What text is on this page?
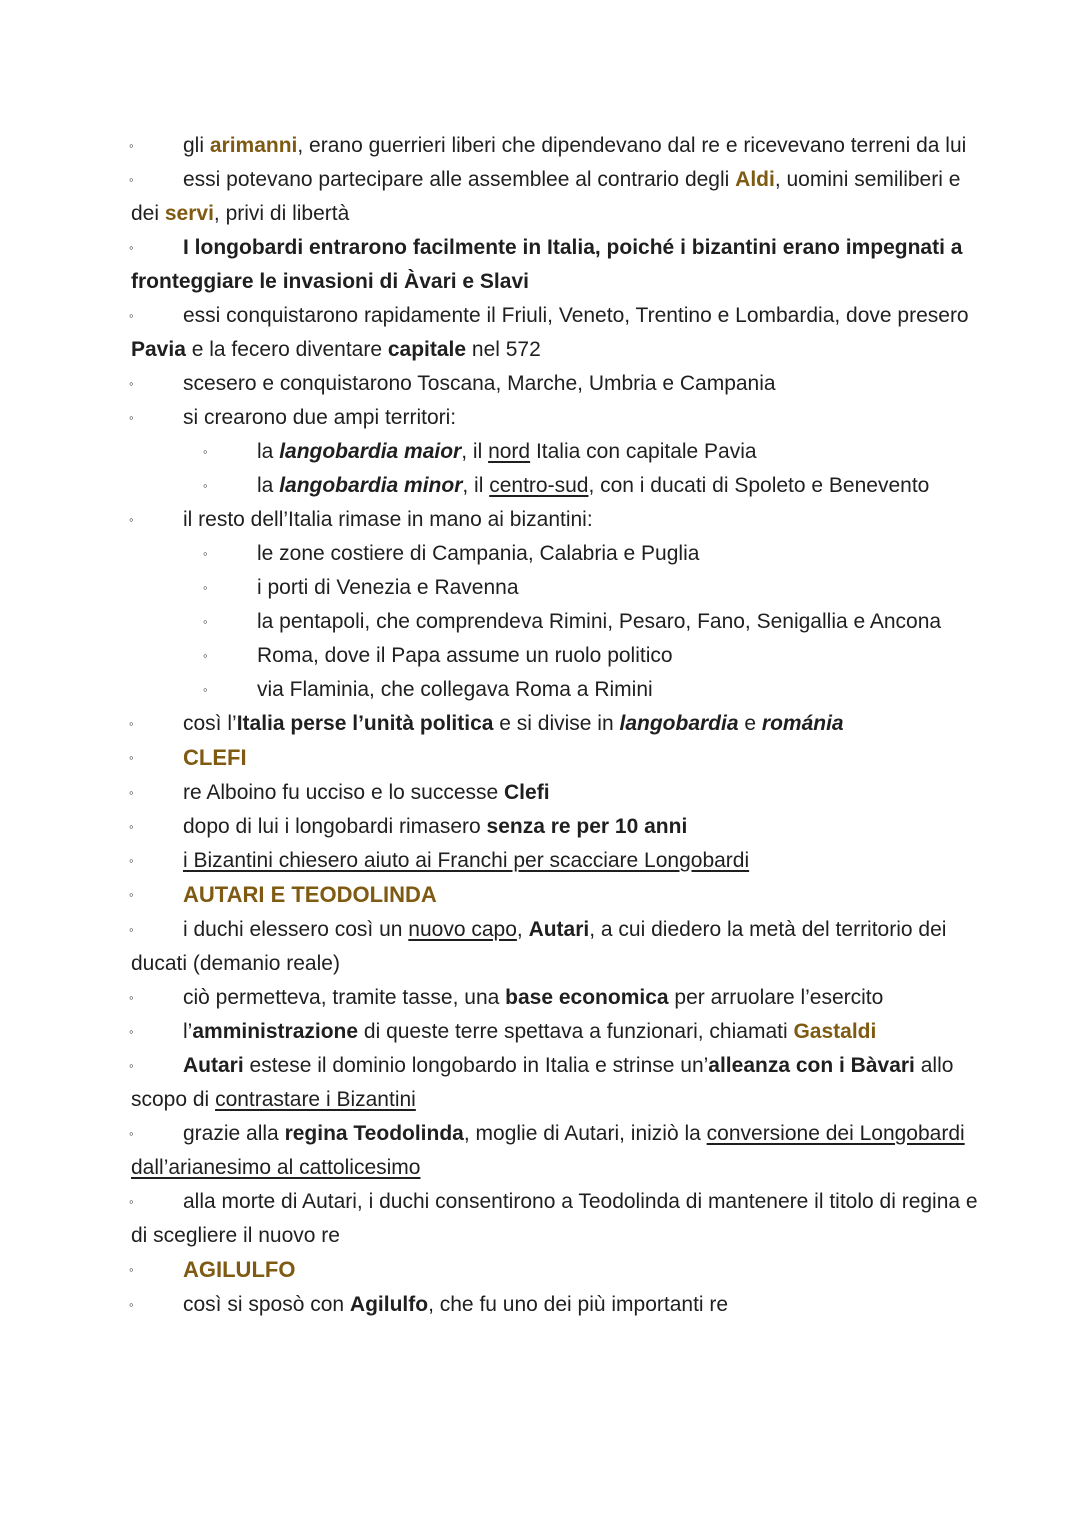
◦ gli arimanni, erano guerrieri liberi che dipendevano dal re e ricevevano terreni da lui

◦ essi potevano partecipare alle assemblee al contrario degli Aldi, uomini semiliberi e dei servi, privi di libertà

◦ I longobardi entrarono facilmente in Italia, poiché i bizantini erano impegnati a fronteggiare le invasioni di Àvari e Slavi

◦ essi conquistarono rapidamente il Friuli, Veneto, Trentino e Lombardia, dove presero Pavia e la fecero diventare capitale nel 572

◦ scesero e conquistarono Toscana, Marche, Umbria e Campania

◦ si crearono due ampi territori:

◦ la langobardia maior, il nord Italia con capitale Pavia

◦ la langobardia minor, il centro-sud, con i ducati di Spoleto e Benevento

◦ il resto dell’Italia rimase in mano ai bizantini:

◦ le zone costiere di Campania, Calabria e Puglia

◦ i porti di Venezia e Ravenna

◦ la pentapoli, che comprendeva Rimini, Pesaro, Fano, Senigallia e Ancona

◦ Roma, dove il Papa assume un ruolo politico

◦ via Flaminia, che collegava Roma a Rimini

◦ così l’Italia perse l’unità politica e si divise in langobardia e románia

◦ CLEFI

◦ re Alboino fu ucciso e lo successe Clefi

◦ dopo di lui i longobardi rimasero senza re per 10 anni

◦ i Bizantini chiesero aiuto ai Franchi per scacciare Longobardi

◦ AUTARI E TEODOLINDA

◦ i duchi elessero così un nuovo capo, Autari, a cui diedero la metà del territorio dei ducati (demanio reale)

◦ ciò permetteva, tramite tasse, una base economica per arruolare l’esercito

◦ l’amministrazione di queste terre spettava a funzionari, chiamati Gastaldi

◦ Autari estese il dominio longobardo in Italia e strinse un’alleanza con i Bàvari allo scopo di contrastare i Bizantini

◦ grazie alla regina Teodolinda, moglie di Autari, iniziò la conversione dei Longobardi dall’arianesimo al cattolicesimo

◦ alla morte di Autari, i duchi consentirono a Teodolinda di mantenere il titolo di regina e di scegliere il nuovo re

◦ AGILULFO

◦ così si sposò con Agilulfo, che fu uno dei più importanti re
